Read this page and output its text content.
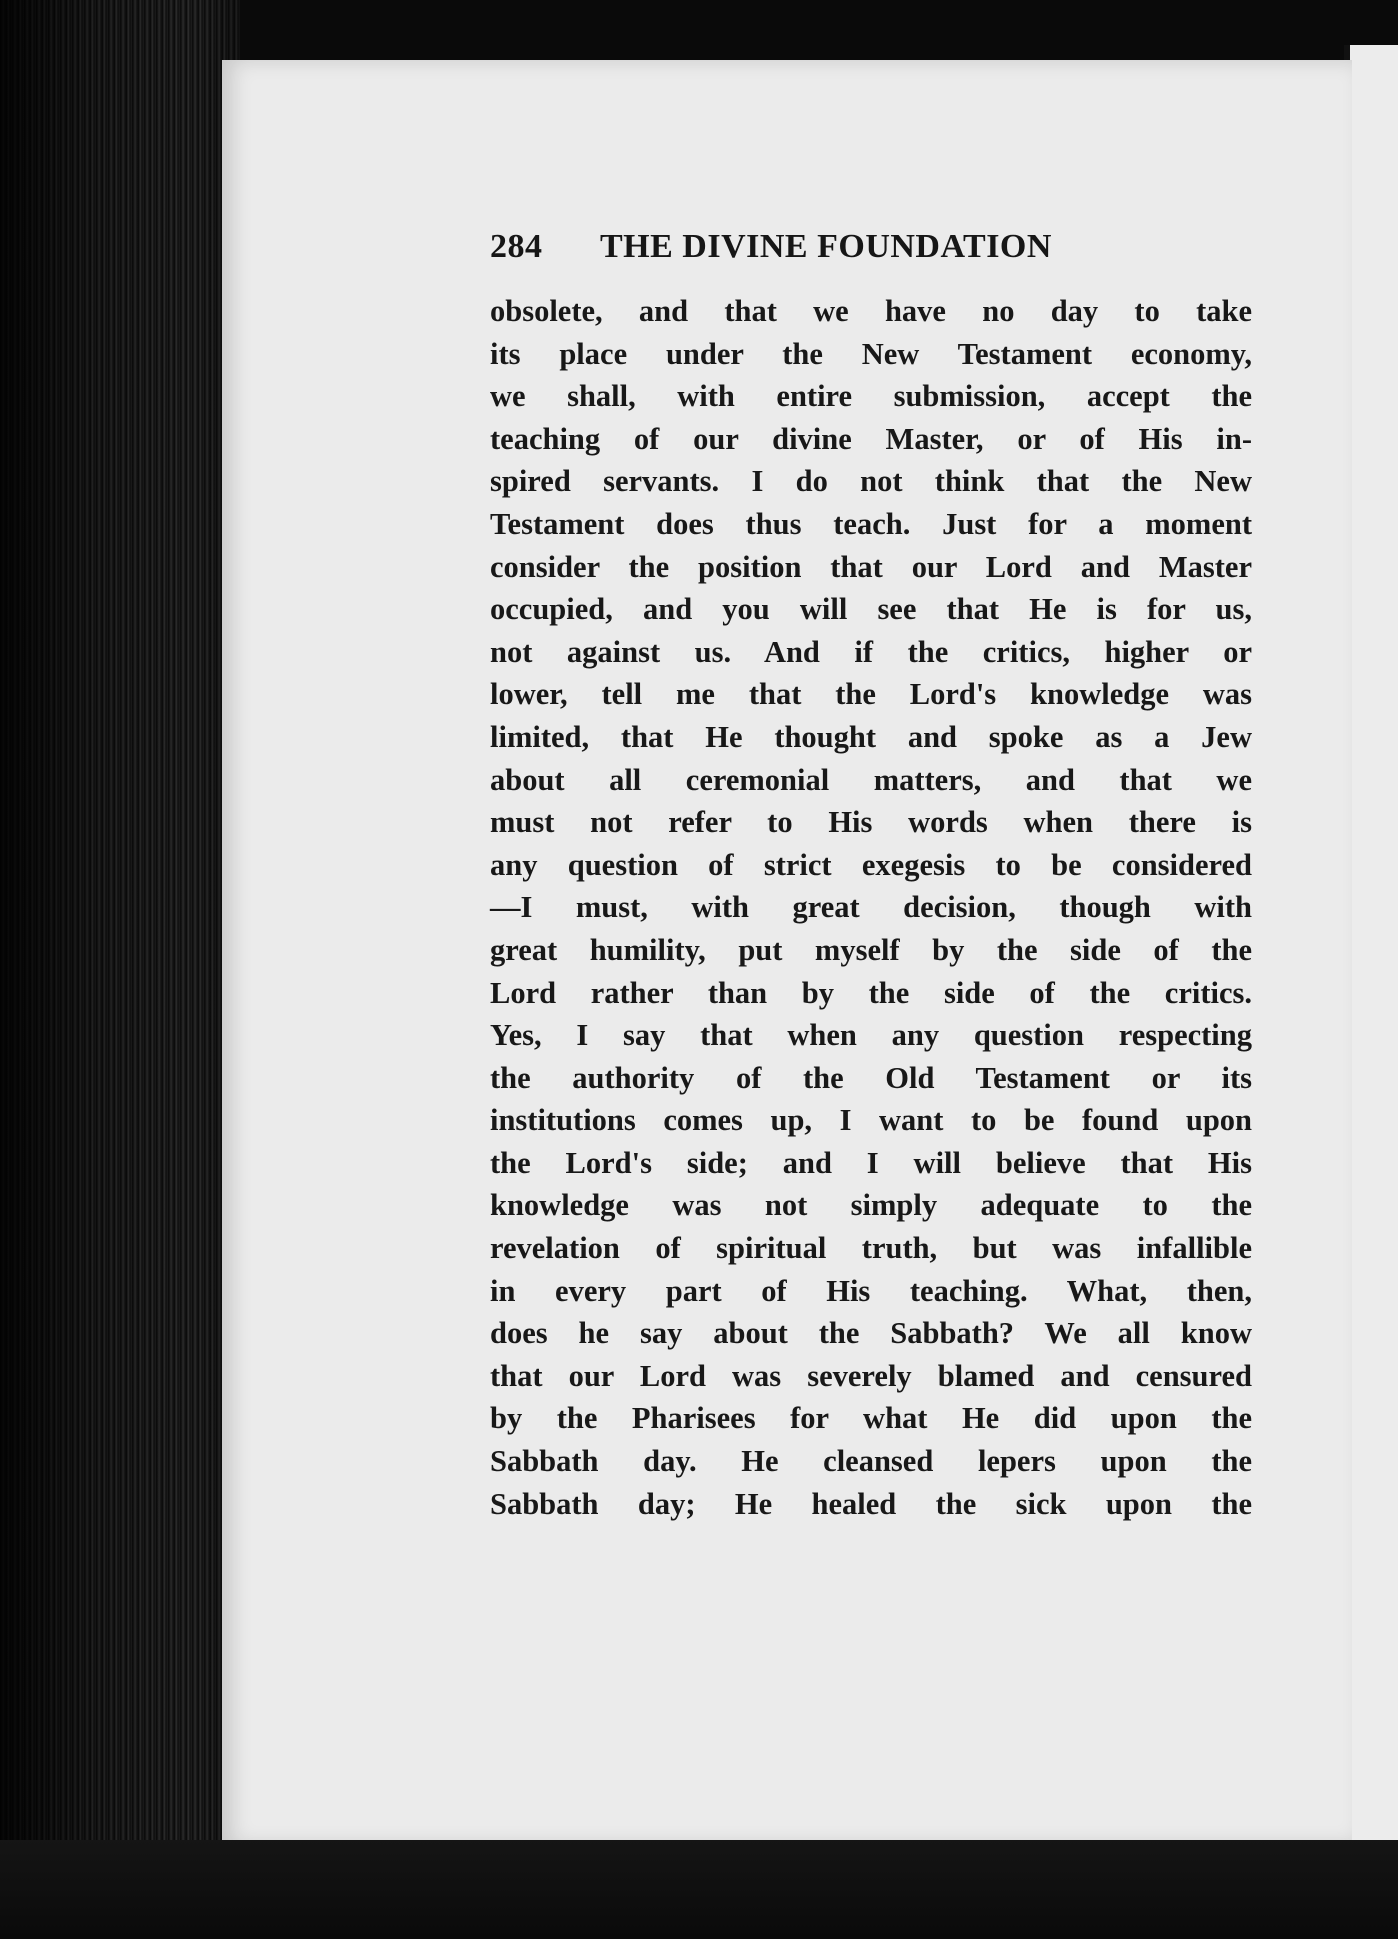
284	THE DIVINE FOUNDATION
obsolete, and that we have no day to take
its place under the New Testament economy,
we shall, with entire submission, accept the
teaching of our divine Master, or of His in-
spired servants. I do not think that the New
Testament does thus teach. Just for a moment
consider the position that our Lord and Master
occupied, and you will see that He is for us,
not against us. And if the critics, higher or
lower, tell me that the Lord's knowledge was
limited, that He thought and spoke as a Jew
about all ceremonial matters, and that we
must not refer to His words when there is
any question of strict exegesis to be considered
—I must, with great decision, though with
great humility, put myself by the side of the
Lord rather than by the side of the critics.
Yes, I say that when any question respecting
the authority of the Old Testament or its
institutions comes up, I want to be found upon
the Lord's side; and I will believe that His
knowledge was not simply adequate to the
revelation of spiritual truth, but was infallible
in every part of His teaching. What, then,
does he say about the Sabbath? We all know
that our Lord was severely blamed and censured
by the Pharisees for what He did upon the
Sabbath day. He cleansed lepers upon the
Sabbath day; He healed the sick upon the
